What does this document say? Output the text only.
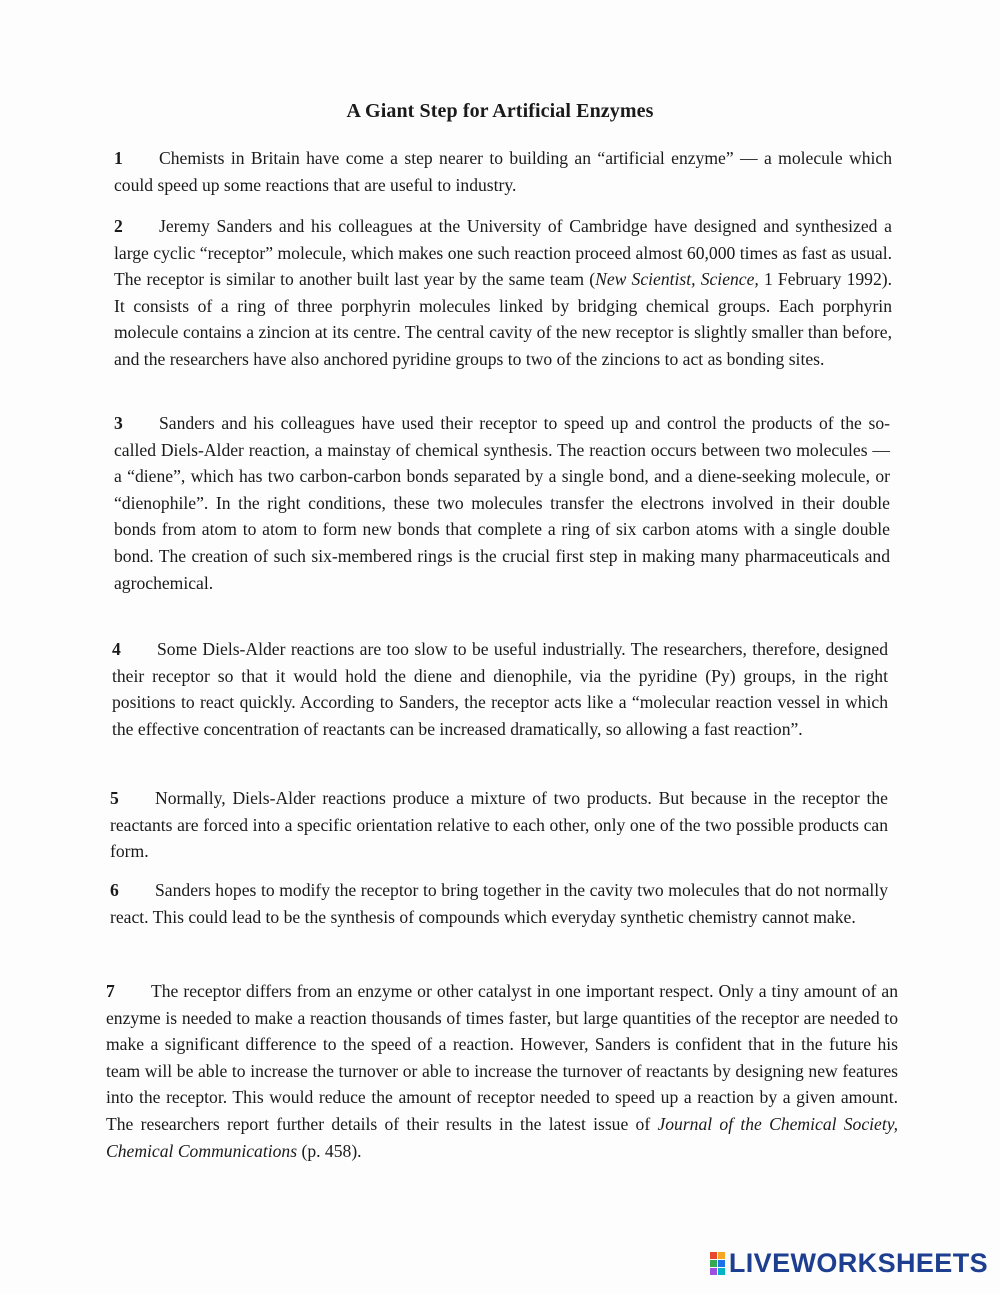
A Giant Step for Artificial Enzymes
1 Chemists in Britain have come a step nearer to building an “artificial enzyme” — a molecule which could speed up some reactions that are useful to industry.
2 Jeremy Sanders and his colleagues at the University of Cambridge have designed and synthesized a large cyclic “receptor” molecule, which makes one such reaction proceed almost 60,000 times as fast as usual. The receptor is similar to another built last year by the same team (New Scientist, Science, 1 February 1992). It consists of a ring of three porphyrin molecules linked by bridging chemical groups. Each porphyrin molecule contains a zincion at its centre. The central cavity of the new receptor is slightly smaller than before, and the researchers have also anchored pyridine groups to two of the zincions to act as bonding sites.
3 Sanders and his colleagues have used their receptor to speed up and control the products of the so-called Diels-Alder reaction, a mainstay of chemical synthesis. The reaction occurs between two molecules — a “diene”, which has two carbon-carbon bonds separated by a single bond, and a diene-seeking molecule, or “dienophile”. In the right conditions, these two molecules transfer the electrons involved in their double bonds from atom to atom to form new bonds that complete a ring of six carbon atoms with a single double bond. The creation of such six-membered rings is the crucial first step in making many pharmaceuticals and agrochemical.
4 Some Diels-Alder reactions are too slow to be useful industrially. The researchers, therefore, designed their receptor so that it would hold the diene and dienophile, via the pyridine (Py) groups, in the right positions to react quickly. According to Sanders, the receptor acts like a “molecular reaction vessel in which the effective concentration of reactants can be increased dramatically, so allowing a fast reaction”.
5 Normally, Diels-Alder reactions produce a mixture of two products. But because in the receptor the reactants are forced into a specific orientation relative to each other, only one of the two possible products can form.
6 Sanders hopes to modify the receptor to bring together in the cavity two molecules that do not normally react. This could lead to be the synthesis of compounds which everyday synthetic chemistry cannot make.
7 The receptor differs from an enzyme or other catalyst in one important respect. Only a tiny amount of an enzyme is needed to make a reaction thousands of times faster, but large quantities of the receptor are needed to make a significant difference to the speed of a reaction. However, Sanders is confident that in the future his team will be able to increase the turnover or able to increase the turnover of reactants by designing new features into the receptor. This would reduce the amount of receptor needed to speed up a reaction by a given amount. The researchers report further details of their results in the latest issue of Journal of the Chemical Society, Chemical Communications (p. 458).
LIVEWORKSHEETS
